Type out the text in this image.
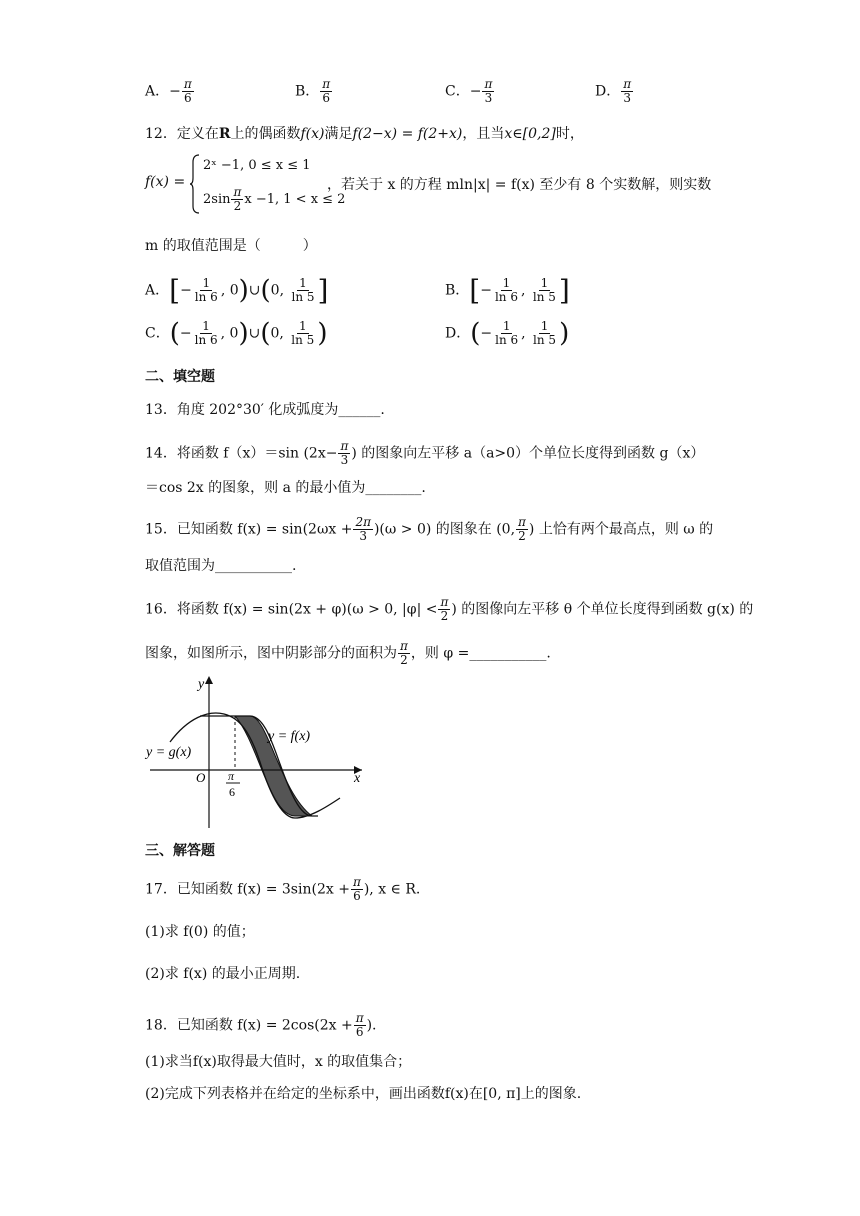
A．− $\frac{\pi}{6}$	B． $\frac{\pi}{6}$	C．− $\frac{\pi}{3}$	D． $\frac{\pi}{3}$
12．定义在R上的偶函数f(x)满足f(2−x) = f(2+x)，且当x∈[0,2]时，
f(x) =
2ˣ −1, 0 ≤ x ≤ 1
$2\sin \frac{\pi}{2}$ x −1, 1 < x ≤ 2
，若关于 x 的方程 mln|x| = f(x) 至少有 8 个实数解，则实数
m 的取值范围是（　　　）
A．[− $\frac{1}{\ln 6}$ , 0)∪(0, $\frac{1}{\ln 5}$ ]	B．[− $\frac{1}{\ln 6}$ , $\frac{1}{\ln 5}$ ]
C．(− $\frac{1}{\ln 6}$ , 0)∪(0, $\frac{1}{\ln 5}$ )	D．(− $\frac{1}{\ln 6}$ , $\frac{1}{\ln 5}$ )
二、填空题
13．角度 202°30′ 化成弧度为______.
14．将函数 f（x）＝sin ($2x- \frac{\pi}{3}$ ) 的图象向左平移 a（a>0）个单位长度得到函数 g（x）
＝cos 2x 的图象，则 a 的最小值为________.
15．已知函数 $f(x) = \sin(2\omega x + \frac{2\pi}{3} )(\omega > 0)$ 的图象在 (0, $\frac{\pi}{2}$ ) 上恰有两个最高点，则 ω 的
取值范围为___________.
16．将函数 f(x) = sin(2x + φ)(ω > 0, $|\varphi| < \frac{\pi}{2}$ ) 的图像向左平移 θ 个单位长度得到函数 g(x) 的
图象，如图所示，图中阴影部分的面积为 $\frac{\pi}{2}$ ，则 φ =___________.
y
x
O π
6
y = f(x)
y = g(x)
三、解答题
17．已知函数 $f(x) = 3\sin(2x + \frac{\pi}{6}$ ), x ∈ R.
(1)求 f(0) 的值；
(2)求 f(x) 的最小正周期.
18．已知函数 $f(x) = 2\cos(2x + \frac{\pi}{6}$ ).
(1)求当f(x)取得最大值时，x 的取值集合；
(2)完成下列表格并在给定的坐标系中，画出函数f(x)在[0, π]上的图象.
